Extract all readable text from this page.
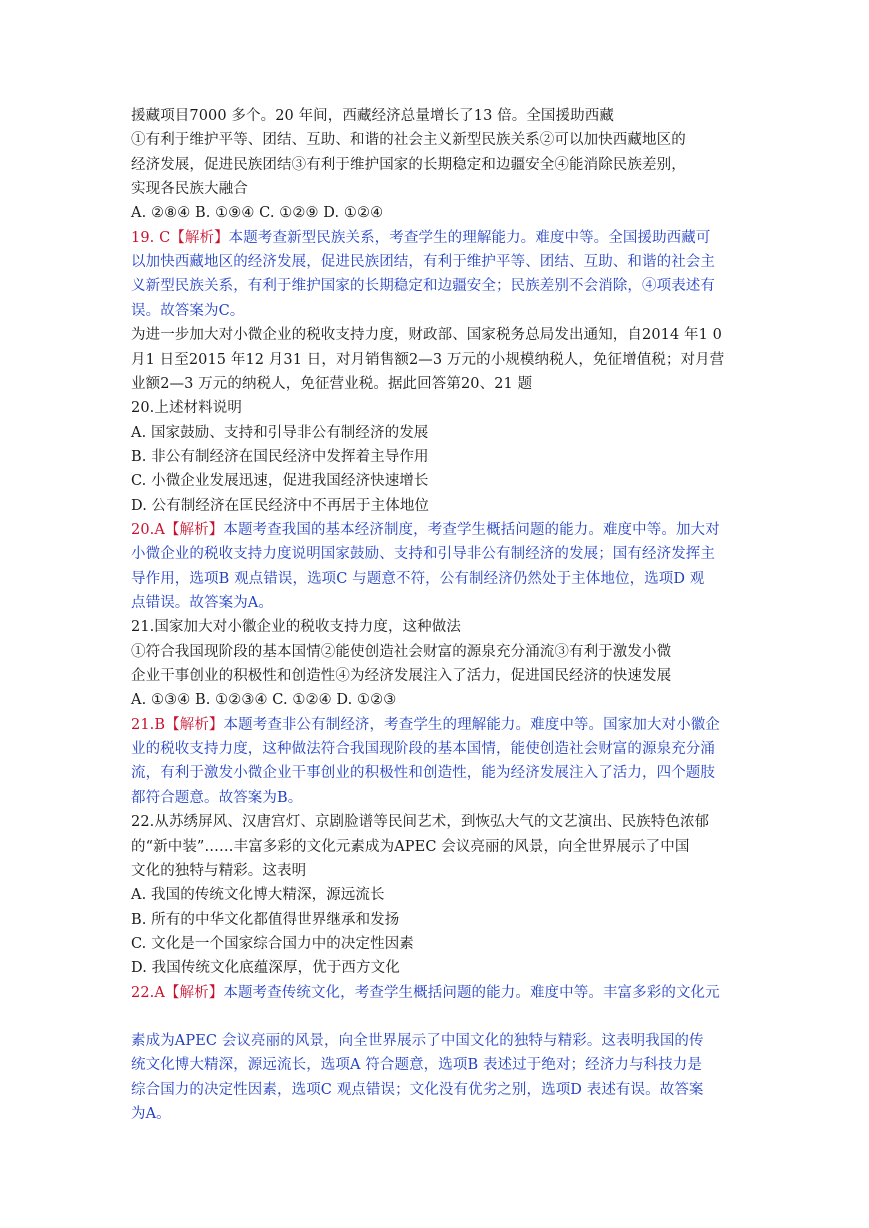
援藏项目7000 多个。20 年间，西藏经济总量增长了13 倍。全国援助西藏
①有利于维护平等、团结、互助、和谐的社会主义新型民族关系②可以加快西藏地区的
经济发展，促进民族团结③有利于维护国家的长期稳定和边疆安全④能消除民族差别，
实现各民族大融合
A. ②⑧④ B. ①⑨④ C. ①②⑨ D. ①②④
19. C【解析】本题考查新型民族关系，考查学生的理解能力。难度中等。全国援助西藏可
以加快西藏地区的经济发展，促进民族团结，有利于维护平等、团结、互助、和谐的社会主
义新型民族关系，有利于维护国家的长期稳定和边疆安全；民族差别不会消除，④项表述有
误。故答案为C。
为进一步加大对小微企业的税收支持力度，财政部、国家税务总局发出通知，自2014 年1 0
月1 日至2015 年12 月31 日，对月销售额2—3 万元的小规模纳税人，免征增值税；对月营
业额2—3 万元的纳税人，免征营业税。据此回答第20、21 题
20.上述材料说明
A. 国家鼓励、支持和引导非公有制经济的发展
B. 非公有制经济在国民经济中发挥着主导作用
C. 小微企业发展迅速，促进我国经济快速增长
D. 公有制经济在匡民经济中不再居于主体地位
20.A【解析】本题考查我国的基本经济制度，考查学生概括问题的能力。难度中等。加大对
小微企业的税收支持力度说明国家鼓励、支持和引导非公有制经济的发展；国有经济发挥主
导作用，选项B 观点错误，选项C 与题意不符，公有制经济仍然处于主体地位，选项D 观
点错误。故答案为A。
21.国家加大对小徽企业的税收支持力度，这种做法
①符合我国现阶段的基本国情②能使创造社会财富的源泉充分涌流③有利于激发小微
企业干事创业的积极性和创造性④为经济发展注入了活力，促进国民经济的快速发展
A. ①③④ B. ①②③④ C. ①②④ D. ①②③
21.B【解析】本题考查非公有制经济，考查学生的理解能力。难度中等。国家加大对小徽企
业的税收支持力度，这种做法符合我国现阶段的基本国情，能使创造社会财富的源泉充分涌
流，有利于激发小微企业干事创业的积极性和创造性，能为经济发展注入了活力，四个题肢
都符合题意。故答案为B。
22.从苏绣屏风、汉唐宫灯、京剧脸谱等民间艺术，到恢弘大气的文艺演出、民族特色浓郁
的“新中装”……丰富多彩的文化元素成为APEC 会议亮丽的风景，向全世界展示了中国
文化的独特与精彩。这表明
A. 我国的传统文化博大精深，源远流长
B. 所有的中华文化都值得世界继承和发扬
C. 文化是一个国家综合国力中的决定性因素
D. 我国传统文化底蕴深厚，优于西方文化
22.A【解析】本题考查传统文化，考查学生概括问题的能力。难度中等。丰富多彩的文化元
素成为APEC 会议亮丽的风景，向全世界展示了中国文化的独特与精彩。这表明我国的传
统文化博大精深，源远流长，选项A 符合题意，选项B 表述过于绝对；经济力与科技力是
综合国力的决定性因素，选项C 观点错误；文化没有优劣之别，选项D 表述有误。故答案
为A。
